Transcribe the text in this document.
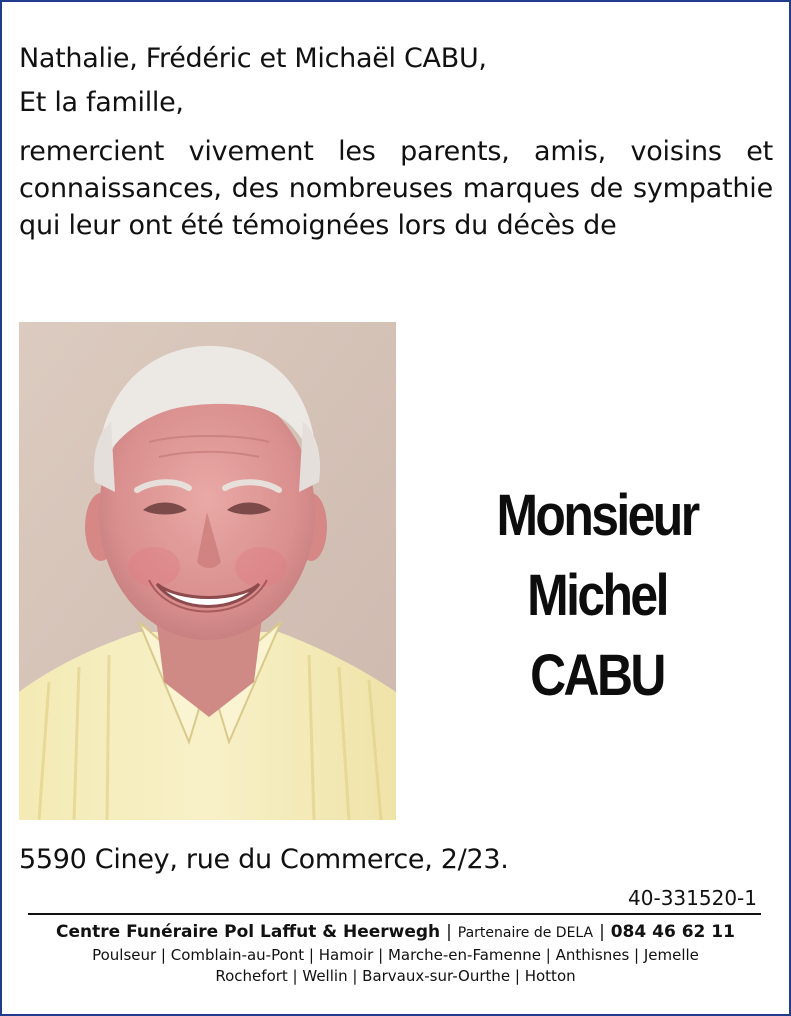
Nathalie, Frédéric et Michaël CABU,
Et la famille,
remercient vivement les parents, amis, voisins et connaissances, des nombreuses marques de sympathie qui leur ont été témoignées lors du décès de
Monsieur
Michel
CABU
5590 Ciney, rue du Commerce, 2/23.
40-331520-1
Centre Funéraire Pol Laffut & Heerwegh | Partenaire de DELA | 084 46 62 11
Poulseur | Comblain-au-Pont | Hamoir | Marche-en-Famenne | Anthisnes | Jemelle
Rochefort | Wellin | Barvaux-sur-Ourthe | Hotton
